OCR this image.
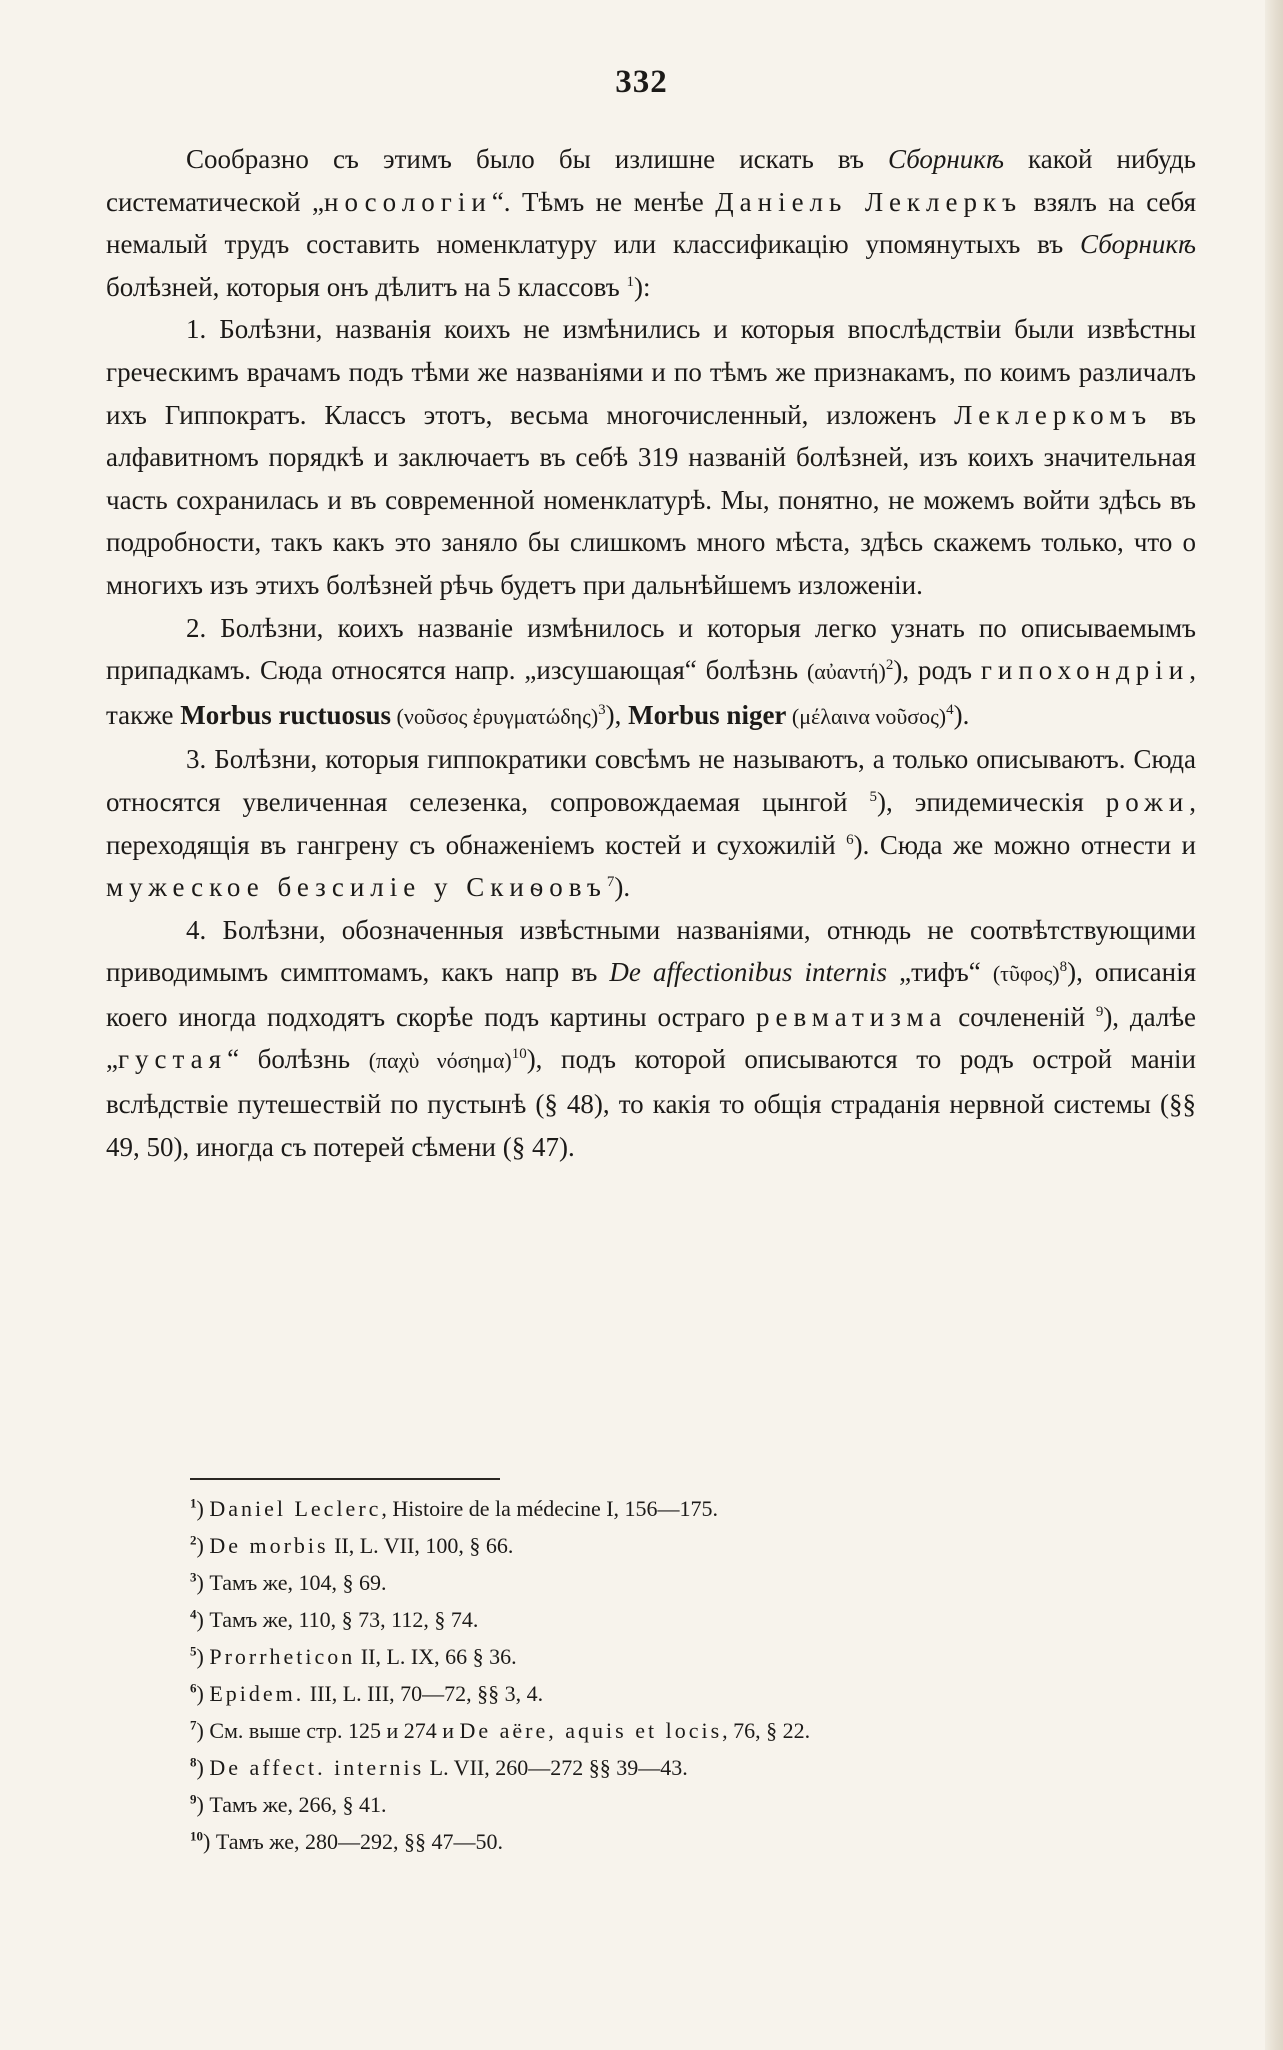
332

Сообразно съ этимъ было бы излишне искать въ Сборникѣ какой нибудь систематической „носологіи“. Тѣмъ не менѣе Даніель Леклеркъ взялъ на себя немалый трудъ составить номенклатуру или классификацію упомянутыхъ въ Сборникѣ болѣзней, которыя онъ дѣлитъ на 5 классовъ $^1$):

1. Болѣзни, названія коихъ не измѣнились и которыя впослѣдствіи были извѣстны греческимъ врачамъ подъ тѣми же названіями и по тѣмъ же признакамъ, по коимъ различалъ ихъ Гиппократъ. Классъ этотъ, весьма многочисленный, изложенъ Леклеркомъ въ алфавитномъ порядкѣ и заключаетъ въ себѣ 319 названій болѣзней, изъ коихъ значительная часть сохранилась и въ современной номенклатурѣ. Мы, понятно, не можемъ войти здѣсь въ подробности, такъ какъ это заняло бы слишкомъ много мѣста, здѣсь скажемъ только, что о многихъ изъ этихъ болѣзней рѣчь будетъ при дальнѣйшемъ изложеніи.

2. Болѣзни, коихъ названіе измѣнилось и которыя легко узнать по описываемымъ припадкамъ. Сюда относятся напр. „изсушающая“ болѣзнь (αὐαντή)$^2$), родъ гипохондріи, также Morbus ructuosus (νοῦσος ἐρυγματώδης)$^3$), Morbus niger (μέλαινα νοῦσος)$^4$).

3. Болѣзни, которыя гиппократики совсѣмъ не называютъ, а только описываютъ. Сюда относятся увеличенная селезенка, сопровождаемая цынгой $^5$), эпидемическія рожи, переходящія въ гангрену съ обнаженіемъ костей и сухожилій $^6$). Сюда же можно отнести и мужеское безсиліе у Скиѳовъ$^7$).

4. Болѣзни, обозначенныя извѣстными названіями, отнюдь не соотвѣтствующими приводимымъ симптомамъ, какъ напр въ De affectionibus internis „тифъ“ (τῦφος)$^8$), описанія коего иногда подходятъ скорѣе подъ картины остраго ревматизма сочленeній $^9$), далѣе „густая“ болѣзнь (παχὺ νόσημα)$^{10}$), подъ которой описываются то родъ острой маніи вслѣдствіе путешествій по пустынѣ (§ 48), то какія то общія страданія нервной системы (§§ 49, 50), иногда съ потерей сѣмени (§ 47).

$^1$) Daniel Leclerc, Histoire de la médecine I, 156—175.
$^2$) De morbis II, L. VII, 100, § 66.
$^3$) Тамъ же, 104, § 69.
$^4$) Тамъ же, 110, § 73, 112, § 74.
$^5$) Prorrheticon II, L. IX, 66 § 36.
$^6$) Epidem. III, L. III, 70—72, §§ 3, 4.
$^7$) См. выше стр. 125 и 274 и De aëre, aquis et locis, 76, § 22.
$^8$) De affect. internis L. VII, 260—272 §§ 39—43.
$^9$) Тамъ же, 266, § 41.
$^{10}$) Тамъ же, 280—292, §§ 47—50.
